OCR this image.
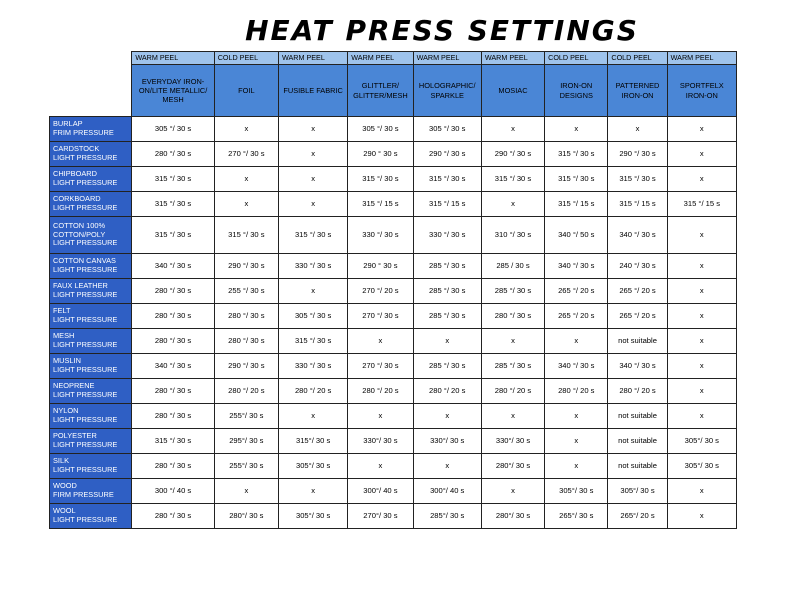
HEAT PRESS SETTINGS
	WARM PEEL	COLD PEEL	WARM PEEL	WARM PEEL	WARM PEEL	WARM PEEL	COLD PEEL	COLD PEEL	WARM PEEL
	EVERYDAY IRON-ON/LITE METALLIC/ MESH	FOIL	FUSIBLE FABRIC	GLITTLER/ GLITTER/MESH	HOLOGRAPHIC/ SPARKLE	MOSIAC	IRON-ON DESIGNS	PATTERNED IRON-ON	SPORTFELX IRON-ON

BURLAP
FRIM PRESSURE	305 °/ 30 s	x	x	305 °/ 30 s	305 °/ 30 s	x	x	x	x

CARDSTOCK
LIGHT PRESSURE	280 °/ 30 s	270 °/ 30 s	x	290 ° 30 s	290 °/ 30 s	290 °/ 30 s	315 °/ 30 s	290 °/ 30 s	x

CHIPBOARD
LIGHT PRESSURE	315 °/ 30 s	x	x	315 °/ 30 s	315 °/ 30 s	315 °/ 30 s	315 °/ 30 s	315 °/ 30 s	x

CORKBOARD
LIGHT PRESSURE	315 °/ 30 s	x	x	315 °/ 15 s	315 °/ 15 s	x	315 °/ 15 s	315 °/ 15 s	315 °/ 15 s

COTTON 100% COTTON/POLY
LIGHT PRESSURE	315 °/ 30 s	315 °/ 30 s	315 °/ 30 s	330 °/ 30 s	330 °/ 30 s	310 °/ 30 s	340 °/ 50 s	340 °/ 30 s	x

COTTON CANVAS
LIGHT PRESSURE	340 °/ 30 s	290 °/ 30 s	330 °/ 30 s	290 ° 30 s	285 °/ 30 s	285 / 30 s	340 °/ 30 s	240 °/ 30 s	x

FAUX LEATHER
LIGHT PRESSURE	280 °/ 30 s	255 °/ 30 s	x	270 °/ 20 s	285 °/ 30 s	285 °/ 30 s	265 °/ 20 s	265 °/ 20 s	x

FELT
LIGHT PRESSURE	280 °/ 30 s	280 °/ 30 s	305 °/ 30 s	270 °/ 30 s	285 °/ 30 s	280 °/ 30 s	265 °/ 20 s	265 °/ 20 s	x

MESH
LIGHT PRESSURE	280 °/ 30 s	280 °/ 30 s	315 °/ 30 s	x	x	x	x	not suitable	x

MUSLIN
LIGHT PRESSURE	340 °/ 30 s	290 °/ 30 s	330 °/ 30 s	270 °/ 30 s	285 °/ 30 s	285 °/ 30 s	340 °/ 30 s	340 °/ 30 s	x

NEOPRENE
LIGHT PRESSURE	280 °/ 30 s	280 °/ 20 s	280 °/ 20 s	280 °/ 20 s	280 °/ 20 s	280 °/ 20 s	280 °/ 20 s	280 °/ 20 s	x

NYLON
LIGHT PRESSURE	280 °/ 30 s	255°/ 30 s	x	x	x	x	x	not suitable	x

POLYESTER
LIGHT PRESSURE	315 °/ 30 s	295°/ 30 s	315°/ 30 s	330°/ 30 s	330°/ 30 s	330°/ 30 s	x	not suitable	305°/ 30 s

SILK
LIGHT PRESSURE	280 °/ 30 s	255°/ 30 s	305°/ 30 s	x	x	280°/ 30 s	x	not suitable	305°/ 30 s

WOOD
FIRM PRESSURE	300 °/ 40 s	x	x	300°/ 40 s	300°/ 40 s	x	305°/ 30 s	305°/ 30 s	x

WOOL
LIGHT PRESSURE	280 °/ 30 s	280°/ 30 s	305°/ 30 s	270°/ 30 s	285°/ 30 s	280°/ 30 s	265°/ 30 s	265°/ 20 s	x
